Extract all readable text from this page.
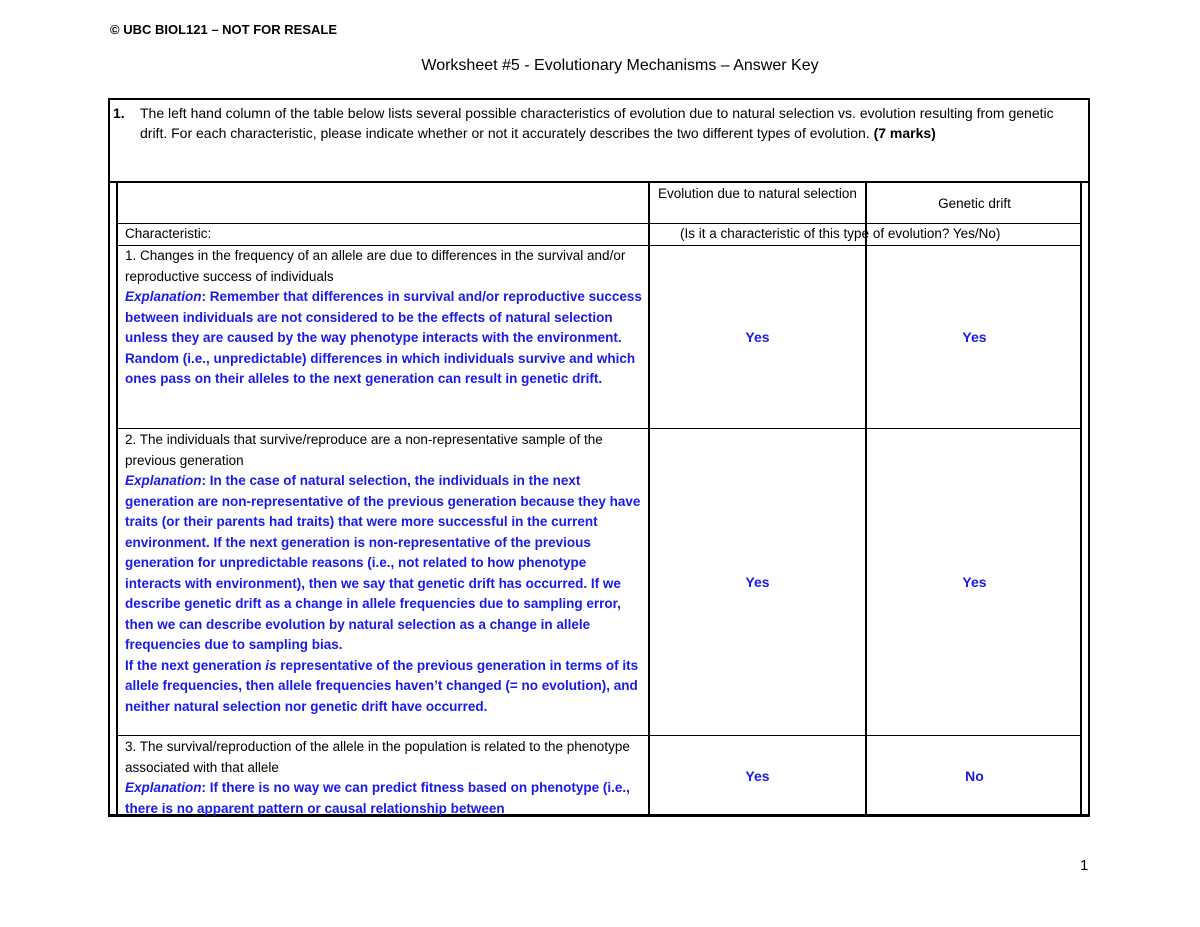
© UBC BIOL121 – NOT FOR RESALE
Worksheet #5 - Evolutionary Mechanisms – Answer Key
1. The left hand column of the table below lists several possible characteristics of evolution due to natural selection vs. evolution resulting from genetic drift. For each characteristic, please indicate whether or not it accurately describes the two different types of evolution. (7 marks)
Evolution due to natural selection
Genetic drift
Characteristic:	(Is it a characteristic of this type of evolution? Yes/No)
1. Changes in the frequency of an allele are due to differences in the survival and/or reproductive success of individuals
Explanation: Remember that differences in survival and/or reproductive success between individuals are not considered to be the effects of natural selection unless they are caused by the way phenotype interacts with the environment.
Random (i.e., unpredictable) differences in which individuals survive and which ones pass on their alleles to the next generation can result in genetic drift.
Yes	Yes
2. The individuals that survive/reproduce are a non-representative sample of the previous generation
Explanation: In the case of natural selection, the individuals in the next generation are non-representative of the previous generation because they have traits (or their parents had traits) that were more successful in the current environment. If the next generation is non-representative of the previous generation for unpredictable reasons (i.e., not related to how phenotype interacts with environment), then we say that genetic drift has occurred. If we describe genetic drift as a change in allele frequencies due to sampling error, then we can describe evolution by natural selection as a change in allele frequencies due to sampling bias.
If the next generation is representative of the previous generation in terms of its allele frequencies, then allele frequencies haven’t changed (= no evolution), and neither natural selection nor genetic drift have occurred.
Yes	Yes
3. The survival/reproduction of the allele in the population is related to the phenotype associated with that allele
Explanation: If there is no way we can predict fitness based on phenotype (i.e., there is no apparent pattern or causal relationship between
Yes	No
1
